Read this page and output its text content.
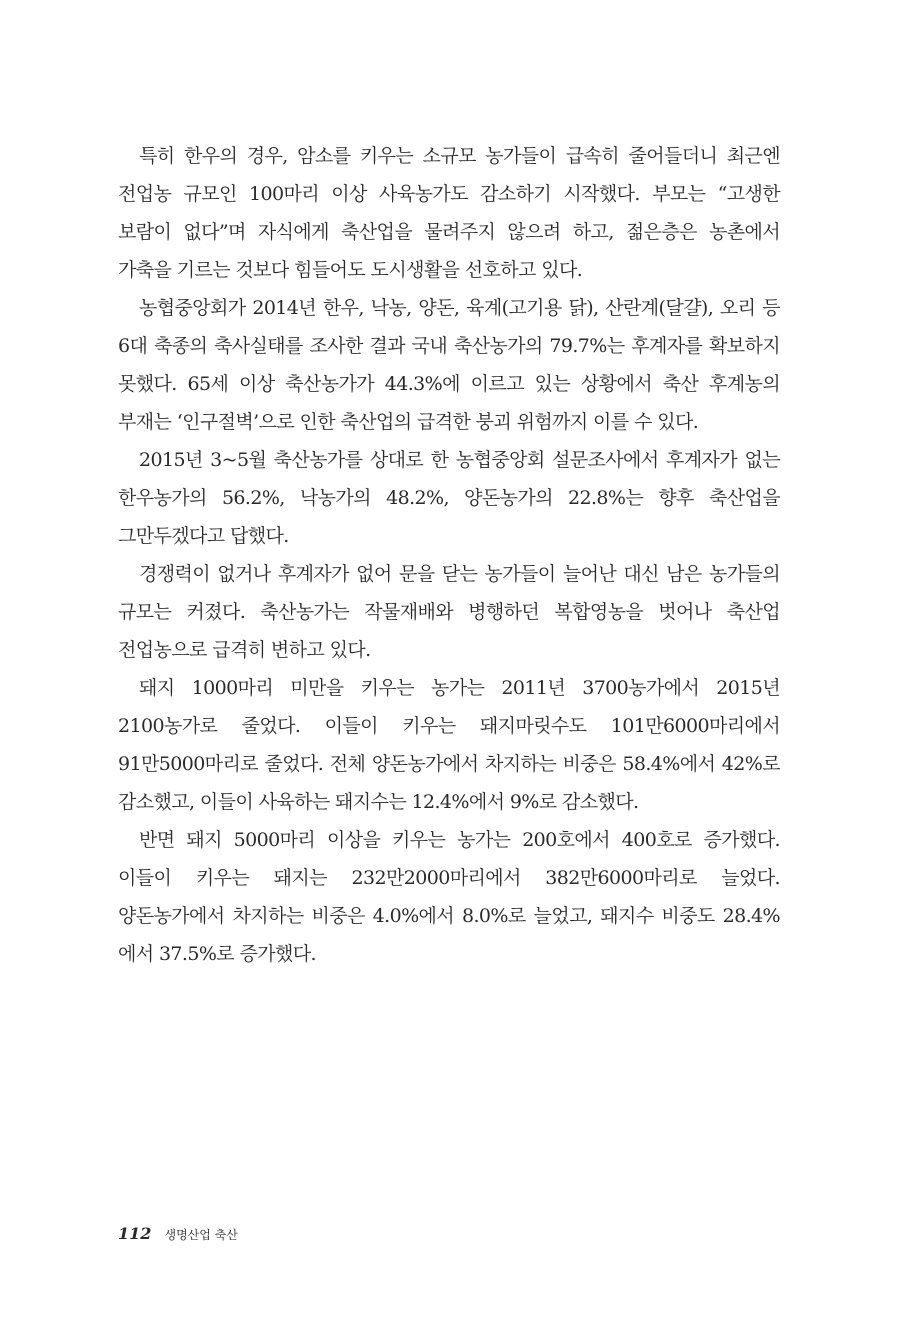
특히 한우의 경우, 암소를 키우는 소규모 농가들이 급속히 줄어들더니 최근엔 전업농 규모인 100마리 이상 사육농가도 감소하기 시작했다. 부모는 “고생한 보람이 없다”며 자식에게 축산업을 물려주지 않으려 하고, 젊은층은 농촌에서 가축을 기르는 것보다 힘들어도 도시생활을 선호하고 있다.

농협중앙회가 2014년 한우, 낙농, 양돈, 육계(고기용 닭), 산란계(달걀), 오리 등 6대 축종의 축사실태를 조사한 결과 국내 축산농가의 79.7%는 후계자를 확보하지 못했다. 65세 이상 축산농가가 44.3%에 이르고 있는 상황에서 축산 후계농의 부재는 ‘인구절벽’으로 인한 축산업의 급격한 붕괴 위험까지 이를 수 있다.

2015년 3~5월 축산농가를 상대로 한 농협중앙회 설문조사에서 후계자가 없는 한우농가의 56.2%, 낙농가의 48.2%, 양돈농가의 22.8%는 향후 축산업을 그만두겠다고 답했다.

경쟁력이 없거나 후계자가 없어 문을 닫는 농가들이 늘어난 대신 남은 농가들의 규모는 커졌다. 축산농가는 작물재배와 병행하던 복합영농을 벗어나 축산업 전업농으로 급격히 변하고 있다.

돼지 1000마리 미만을 키우는 농가는 2011년 3700농가에서 2015년 2100농가로 줄었다. 이들이 키우는 돼지마릿수도 101만6000마리에서 91만5000마리로 줄었다. 전체 양돈농가에서 차지하는 비중은 58.4%에서 42%로 감소했고, 이들이 사육하는 돼지수는 12.4%에서 9%로 감소했다.

반면 돼지 5000마리 이상을 키우는 농가는 200호에서 400호로 증가했다. 이들이 키우는 돼지는 232만2000마리에서 382만6000마리로 늘었다. 양돈농가에서 차지하는 비중은 4.0%에서 8.0%로 늘었고, 돼지수 비중도 28.4%에서 37.5%로 증가했다.

112 생명산업 축산
